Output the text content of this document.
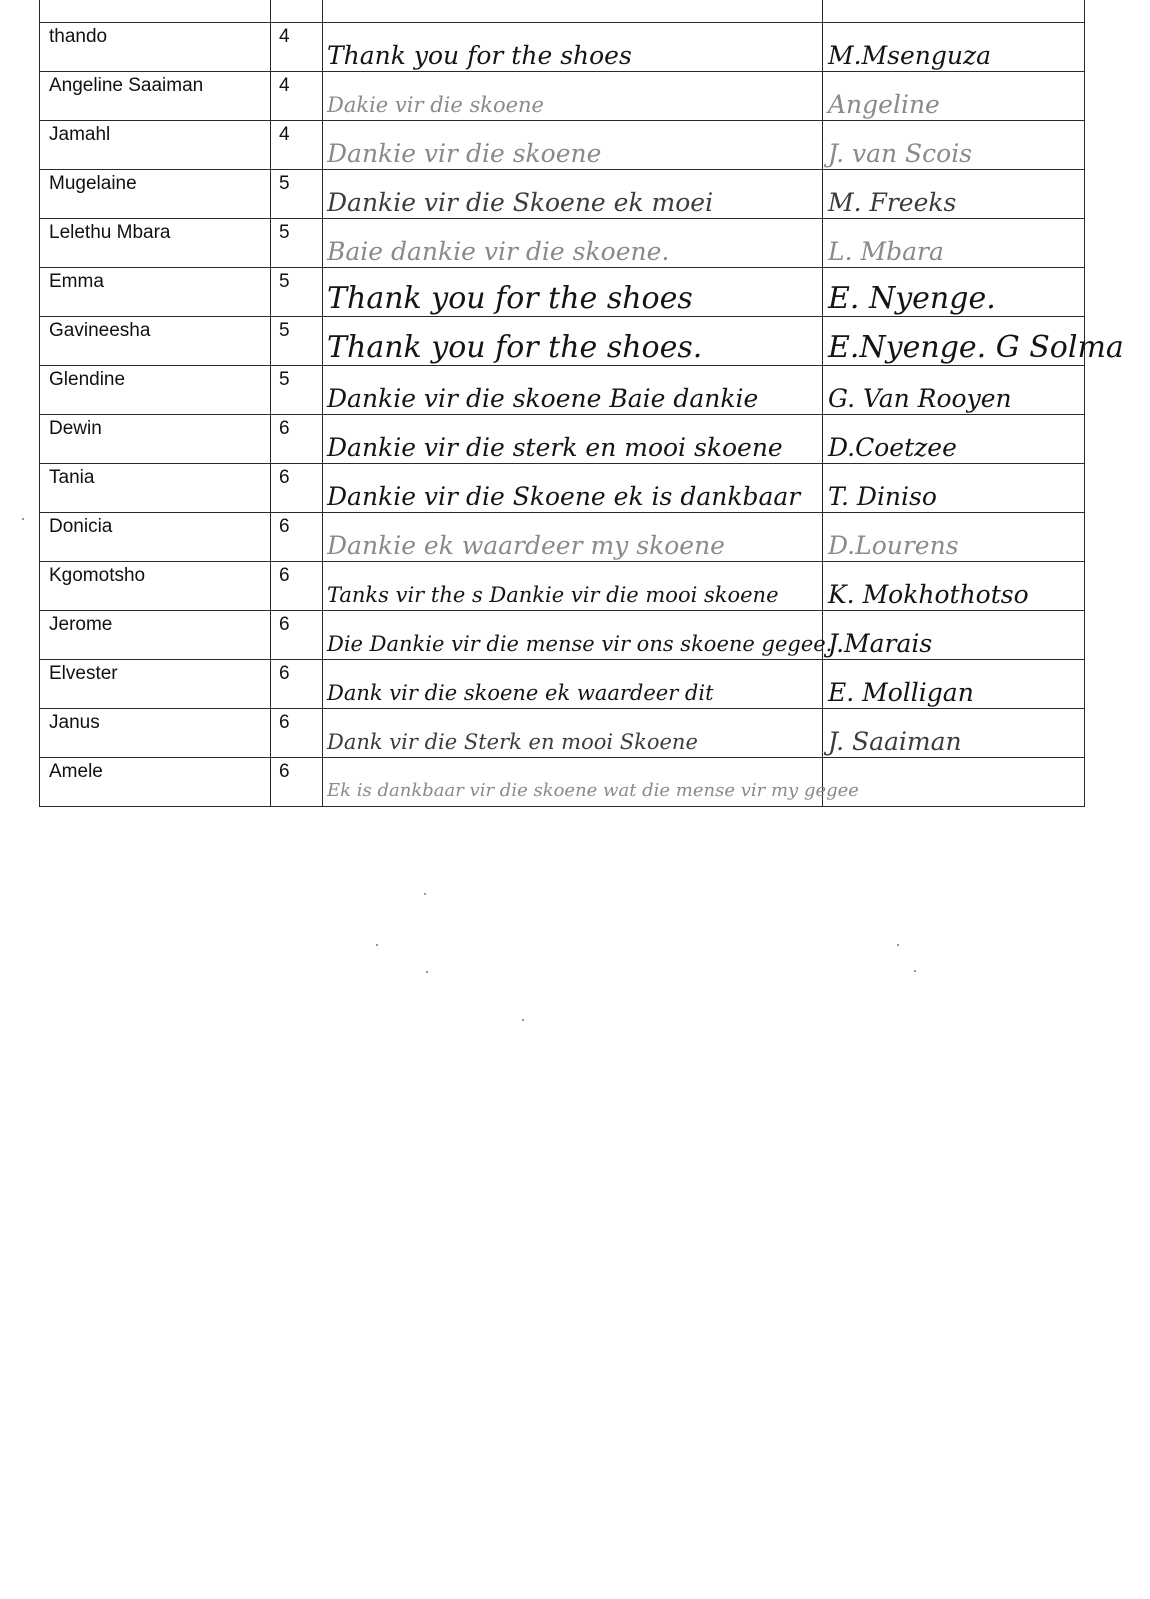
thando	4	Thank you for the shoes	M.Msenguza

Angeline Saaiman	4	Dakie vir die skoene	Angeline

Jamahl	4	Dankie vir die skoene	J. van Scois

Mugelaine	5	Dankie vir die Skoene ek moei	M. Freeks

Lelethu Mbara	5	Baie dankie vir die skoene.	L. Mbara

Emma	5	Thank you for the shoes	E. Nyenge.

Gavineesha	5	Thank you for the shoes.	E.Nyenge. G Solma

Glendine	5	Dankie vir die skoene Baie dankie	G. Van Rooyen

Dewin	6	Dankie vir die sterk en mooi skoene	D.Coetzee

Tania	6	Dankie vir die Skoene ek is dankbaar	T. Diniso

Donicia	6	Dankie ek waardeer my skoene	D.Lourens

Kgomotsho	6	Tanks vir the s Dankie vir die mooi skoene	K. Mokhothotso

Jerome	6	Die Dankie vir die mense vir ons skoene gegee.	J.Marais

Elvester	6	Dank vir die skoene ek waardeer dit	E. Molligan

Janus	6	Dank vir die Sterk en mooi Skoene	J. Saaiman

Amele	6	Ek is dankbaar vir die skoene wat die mense vir my gegee	
